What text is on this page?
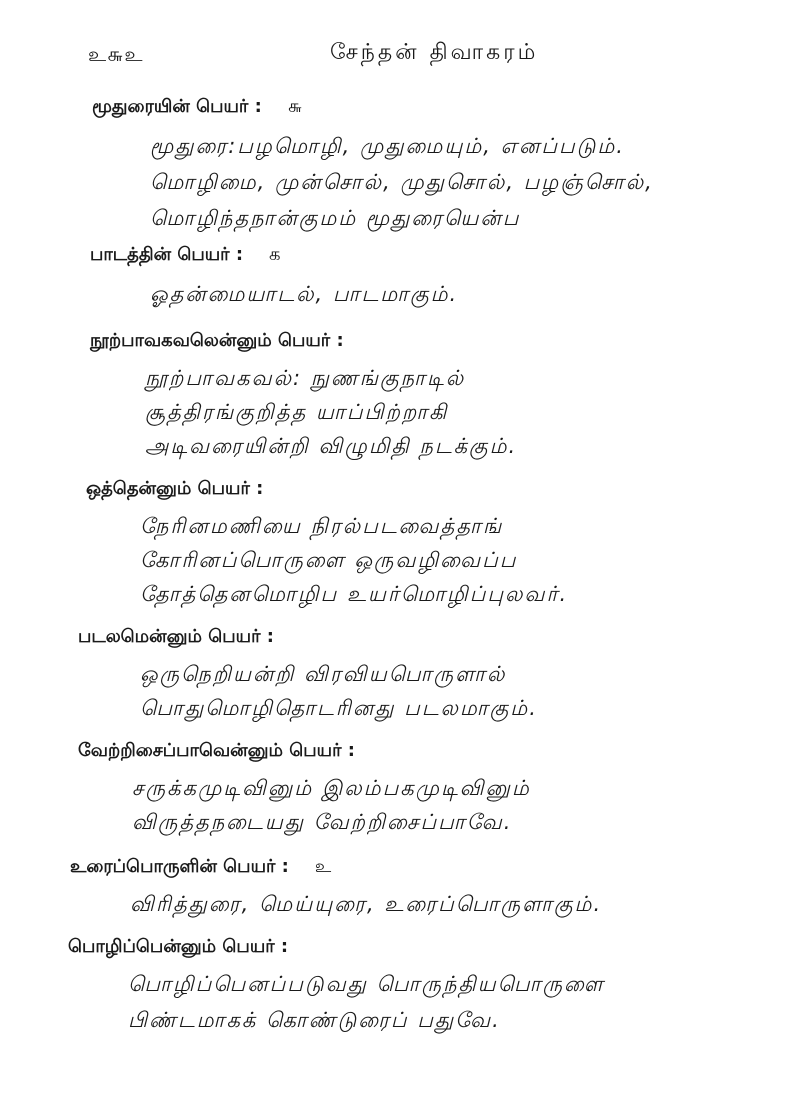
உ௬உ	சேந்தன் திவாகரம்
மூதுரையின் பெயர் : ௬
மூதுரை:பழமொழி, முதுமையும், எனப்படும்.
மொழிமை, முன்சொல், முதுசொல், பழஞ்சொல்,
மொழிந்தநான்குமம் மூதுரையென்ப
பாடத்தின் பெயர் : க
ஓதன்மையாடல், பாடமாகும்.
நூற்பாவகவலென்னும் பெயர் :
நூற்பாவகவல்: நுணங்குநாடில்
சூத்திரங்குறித்த யாப்பிற்றாகி
அடிவரையின்றி விழுமிதி நடக்கும்.
ஒத்தென்னும் பெயர் :
நேரினமணியை நிரல்படவைத்தாங்
கோரினப்பொருளை ஒருவழிவைப்ப
தோத்தெனமொழிப உயர்மொழிப்புலவர்.
படலமென்னும் பெயர் :
ஒருநெறியன்றி விரவியபொருளால்
பொதுமொழிதொடரினது படலமாகும்.
வேற்றிசைப்பாவென்னும் பெயர் :
சருக்கமுடிவினும் இலம்பகமுடிவினும்
விருத்தநடையது வேற்றிசைப்பாவே.
உரைப்பொருளின் பெயர் : உ
விரித்துரை, மெய்யுரை, உரைப்பொருளாகும்.
பொழிப்பென்னும் பெயர் :
பொழிப்பெனப்படுவது பொருந்தியபொருளை
பிண்டமாகக் கொண்டுரைப் பதுவே.
